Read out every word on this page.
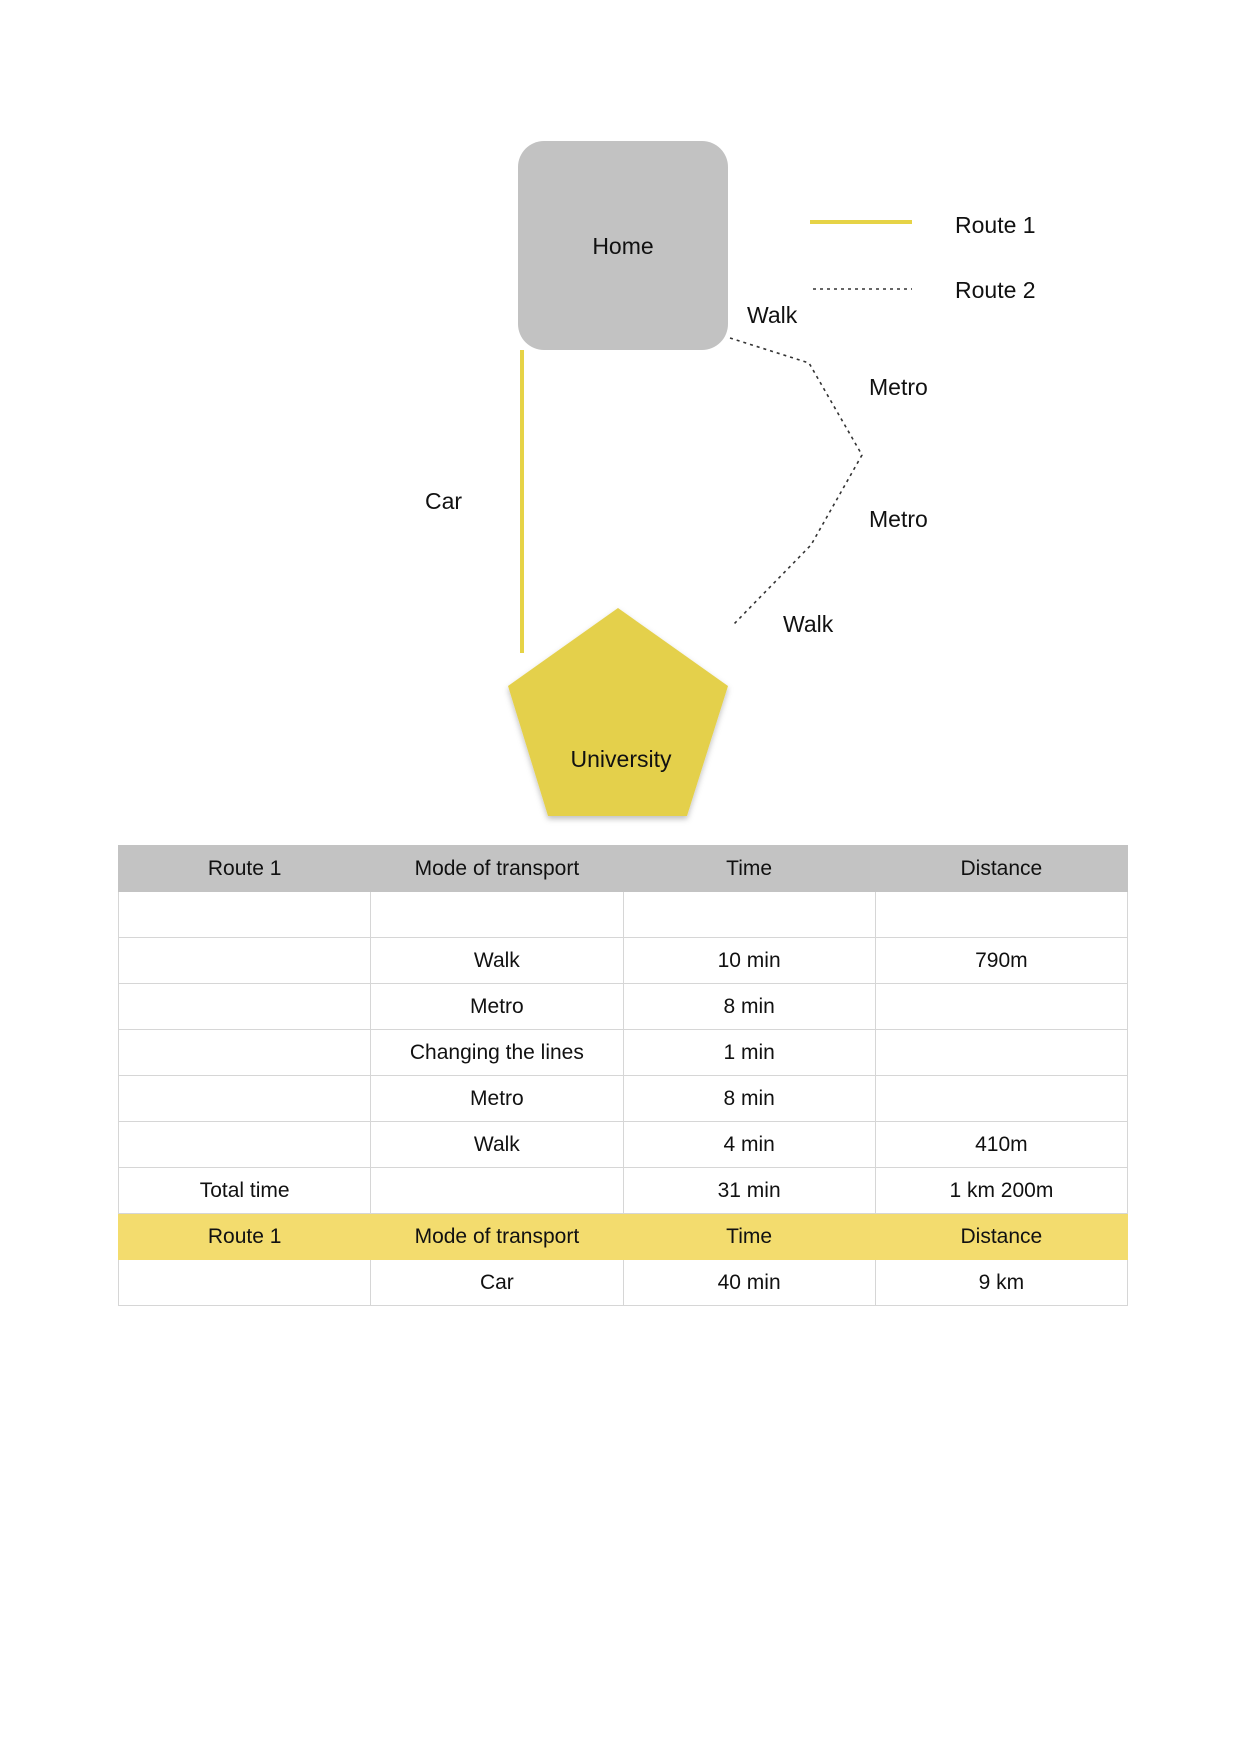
Home
Car
Walk
Metro
Metro
Walk
University
Route 1
Route 2
Route 1	Mode of transport	Time	Distance

	Walk	10 min	790m
	Metro	8 min	
	Changing the lines	1 min	
	Metro	8 min	
	Walk	4 min	410m
Total time		31 min	1 km 200m
Route 1	Mode of transport	Time	Distance
	Car	40 min	9 km
